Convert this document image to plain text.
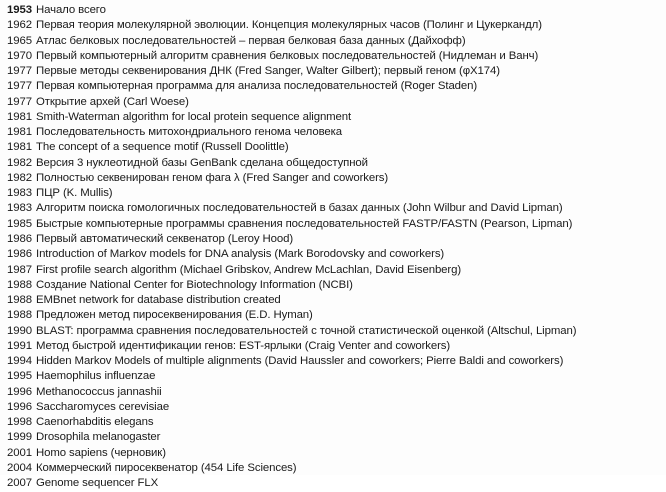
1953 Начало всего
1962 Первая теория молекулярной эволюции. Концепция молекулярных часов (Полинг и Цукеркандл)
1965 Атлас белковых последовательностей – первая белковая база данных (Дайхофф)
1970 Первый компьютерный алгоритм сравнения белковых последовательностей (Нидлеман и Ванч)
1977 Первые методы секвенирования ДНК (Fred Sanger, Walter Gilbert); первый геном (φX174)
1977 Первая компьютерная программа для анализа последовательностей (Roger Staden)
1977 Открытие архей (Carl Woese)
1981 Smith-Waterman algorithm for local protein sequence alignment
1981 Последовательность митохондриального генома человека
1981 The concept of a sequence motif (Russell Doolittle)
1982 Версия 3 нуклеотидной базы GenBank сделана общедоступной
1982 Полностью секвенирован геном фага λ (Fred Sanger and coworkers)
1983 ПЦР (K. Mullis)
1983 Алгоритм поиска гомологичных последовательностей в базах данных (John Wilbur and David Lipman)
1985 Быстрые компьютерные программы сравнения последовательностей FASTP/FASTN (Pearson, Lipman)
1986 Первый автоматический секвенатор (Leroy Hood)
1986 Introduction of Markov models for DNA analysis (Mark Borodovsky and coworkers)
1987 First profile search algorithm (Michael Gribskov, Andrew McLachlan, David Eisenberg)
1988 Создание National Center for Biotechnology Information (NCBI)
1988 EMBnet network for database distribution created
1988 Предложен метод пиросеквенирования (E.D. Hyman)
1990 BLAST: программа сравнения последовательностей с точной статистической оценкой (Altschul, Lipman)
1991 Метод быстрой идентификации генов: EST-ярлыки (Craig Venter and coworkers)
1994 Hidden Markov Models of multiple alignments (David Haussler and coworkers; Pierre Baldi and coworkers)
1995 Haemophilus influenzae
1996 Methanococcus jannashii
1996 Saccharomyces cerevisiae
1998 Caenorhabditis elegans
1999 Drosophila melanogaster
2001 Homo sapiens (черновик)
2004 Коммерческий пиросеквенатор (454 Life Sciences)
2007 Genome sequencer FLX
